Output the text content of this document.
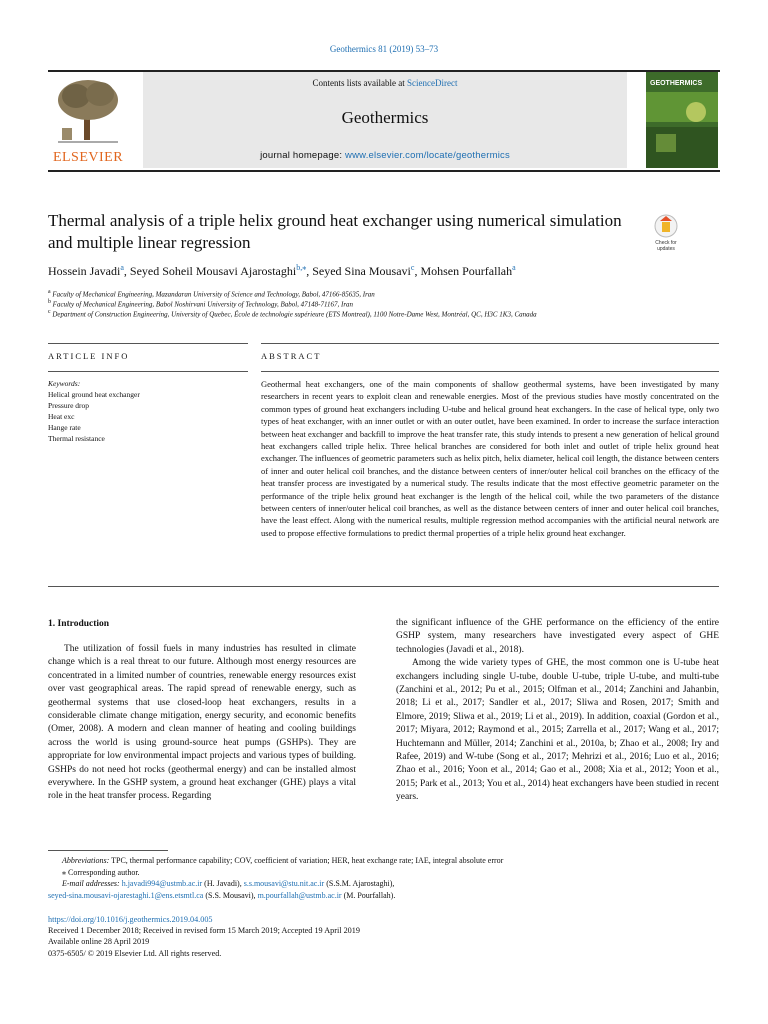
Geothermics 81 (2019) 53–73
ELSEVIER
Contents lists available at ScienceDirect
Geothermics
journal homepage: www.elsevier.com/locate/geothermics
GEOTHERMICS
Thermal analysis of a triple helix ground heat exchanger using numerical simulation and multiple linear regression	Check for
updates
Hossein Javadi$^a$, Seyed Soheil Mousavi Ajarostaghi$^{b,⁎}$, Seyed Sina Mousavi$^c$, Mohsen Pourfallah$^a$
$^a$ Faculty of Mechanical Engineering, Mazandaran University of Science and Technology, Babol, 47166-85635, Iran
$^b$ Faculty of Mechanical Engineering, Babol Noshirvani University of Technology, Babol, 47148-71167, Iran
$^c$ Department of Construction Engineering, University of Quebec, École de technologie supérieure (ETS Montreal), 1100 Notre-Dame West, Montréal, QC, H3C 1K3, Canada
ARTICLE INFO
Keywords:
Helical ground heat exchanger
Pressure drop
Heat exc
Hange rate
Thermal resistance
ABSTRACT
Geothermal heat exchangers, one of the main components of shallow geothermal systems, have been investigated by many researchers in recent years to exploit clean and renewable energies. Most of the previous studies have mostly concentrated on the common types of ground heat exchangers including U-tube and helical ground heat exchangers. In the case of helical type, only two types of heat exchanger, with an inner outlet or with an outer outlet, have been examined. In order to increase the surface interaction between heat exchanger and backfill to improve the heat transfer rate, this study intends to present a new generation of helical ground heat exchangers called triple helix. Three helical branches are considered for both inlet and outlet of triple helix ground heat exchanger. The influences of geometric parameters such as helix pitch, helix diameter, helical coil length, the distance between centers of inner and outer helical coil branches, and the distance between centers of inner/outer helical coil branches on the efficacy of the heat transfer process are investigated by a numerical study. The results indicate that the most effective geometric parameter on the performance of the triple helix ground heat exchanger is the length of the helical coil, while the two parameters of the distance between centers of inner/outer helical coil branches, as well as the distance between centers of inner and outer helical coil branches, have the least effect. Along with the numerical results, multiple regression method accompanies with the artificial neural network are used to propose effective formulations to predict thermal properties of a triple helix ground heat exchanger.
1. Introduction

The utilization of fossil fuels in many industries has resulted in climate change which is a real threat to our future. Although most energy resources are concentrated in a limited number of countries, renewable energy resources exist over vast geographical areas. The rapid spread of renewable energy, such as geothermal systems that use closed-loop heat exchangers, results in a considerable climate change mitigation, energy security, and economic benefits (Omer, 2008). A modern and clean manner of heating and cooling buildings across the world is using ground-source heat pumps (GSHPs). They are appropriate for low environmental impact projects and various types of building. GSHPs do not need hot rocks (geothermal energy) and can be installed almost everywhere. In the GSHP system, a ground heat exchanger (GHE) plays a vital role in the heat transfer process. Regarding

the significant influence of the GHE performance on the efficiency of the entire GSHP system, many researchers have investigated every aspect of GHE technologies (Javadi et al., 2018).

Among the wide variety types of GHE, the most common one is U-tube heat exchangers including single U-tube, double U-tube, triple U-tube, and multi-tube (Zanchini et al., 2012; Pu et al., 2015; Olfman et al., 2014; Zanchini and Jahanbin, 2018; Li et al., 2017; Sandler et al., 2017; Sliwa and Rosen, 2017; Smith and Elmore, 2019; Sliwa et al., 2019; Li et al., 2019). In addition, coaxial (Gordon et al., 2017; Miyara, 2012; Raymond et al., 2015; Zarrella et al., 2017; Wang et al., 2017; Huchtemann and Müller, 2014; Zanchini et al., 2010a, b; Zhao et al., 2008; Iry and Rafee, 2019) and W-tube (Song et al., 2017; Mehrizi et al., 2016; Luo et al., 2016; Zhao et al., 2016; Yoon et al., 2014; Gao et al., 2008; Xia et al., 2012; Yoon et al., 2015; Park et al., 2013; You et al., 2014) heat exchangers have been studied in recent years.

Abbreviations: TPC, thermal performance capability; COV, coefficient of variation; HER, heat exchange rate; IAE, integral absolute error

⁎ Corresponding author.

E-mail addresses: h.javadi994@ustmb.ac.ir (H. Javadi), s.s.mousavi@stu.nit.ac.ir (S.S.M. Ajarostaghi),

seyed-sina.mousavi-ojarestaghi.1@ens.etsmtl.ca (S.S. Mousavi), m.pourfallah@ustmb.ac.ir (M. Pourfallah).

https://doi.org/10.1016/j.geothermics.2019.04.005
Received 1 December 2018; Received in revised form 15 March 2019; Accepted 19 April 2019
Available online 28 April 2019
0375-6505/ © 2019 Elsevier Ltd. All rights reserved.
